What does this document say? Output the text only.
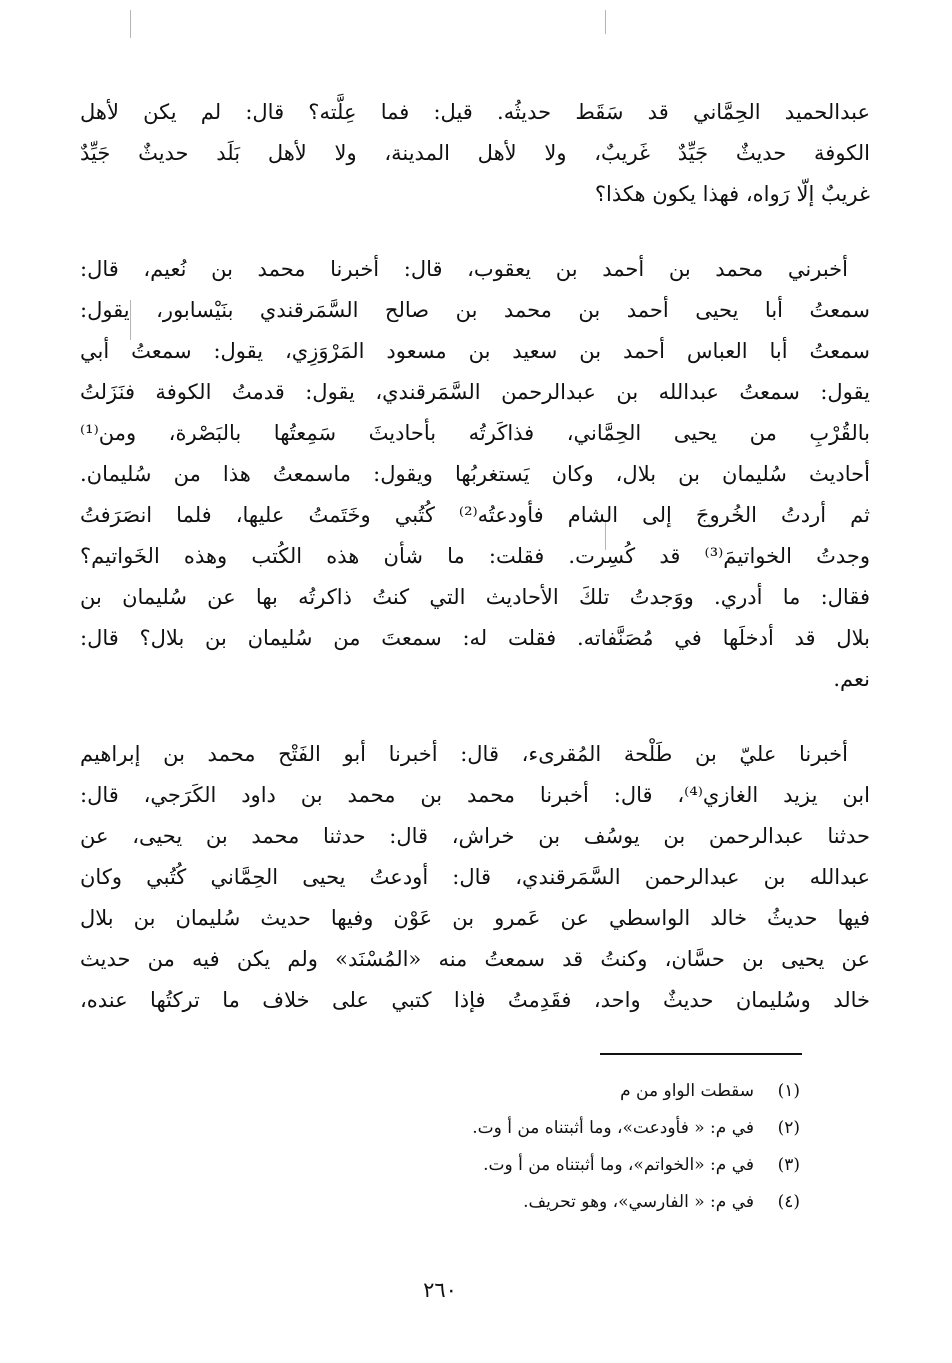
عبدالحميد الحِمَّاني قد سَقَط حديثُه. قيل: فما عِلَّته؟ قال: لم يكن لأهل
الكوفة حديثٌ جَيِّدٌ غَريبٌ، ولا لأهل المدينة، ولا لأهل بَلَد حديثٌ جَيِّدٌ
غريبٌ إلّا رَواه، فهذا يكون هكذا؟
أخبرني محمد بن أحمد بن يعقوب، قال: أخبرنا محمد بن نُعيم، قال:
سمعتُ أبا يحيى أحمد بن محمد بن صالح السَّمَرقندي بنَيْسابور، يقول:
سمعتُ أبا العباس أحمد بن سعيد بن مسعود المَرْوَزِي، يقول: سمعتُ أبي
يقول: سمعتُ عبدالله بن عبدالرحمن السَّمَرقندي، يقول: قدمتُ الكوفة فنَزَلتُ
بالقُرْبِ من يحيى الحِمَّاني، فذاكَرتُه بأحاديثَ سَمِعتُها بالبَصْرة، ومن⁽¹⁾
أحاديث سُليمان بن بلال، وكان يَستغربُها ويقول: ماسمعتُ هذا من سُليمان.
ثم أردتُ الخُروجَ إلى الشام فأودعتُه⁽²⁾ كُتُبي وخَتَمتُ عليها، فلما انصَرَفتُ
وجدتُ الخواتيمَ⁽³⁾ قد كُسِرت. فقلت: ما شأن هذه الكُتب وهذه الخَواتيم؟
فقال: ما أدري. ووَجدتُ تلكَ الأحاديث التي كنتُ ذاكرتُه بها عن سُليمان بن
بلال قد أدخلَها في مُصَنَّفاته. فقلت له: سمعتَ من سُليمان بن بلال؟ قال:
نعم.
أخبرنا عليّ بن طَلْحة المُقرىء، قال: أخبرنا أبو الفَتْح محمد بن إبراهيم
ابن يزيد الغازي⁽⁴⁾، قال: أخبرنا محمد بن محمد بن داود الكَرَجي، قال:
حدثنا عبدالرحمن بن يوسُف بن خراش، قال: حدثنا محمد بن يحيى، عن
عبدالله بن عبدالرحمن السَّمَرقندي، قال: أودعتُ يحيى الحِمَّاني كُتُبي وكان
فيها حديثُ خالد الواسطي عن عَمرو بن عَوْن وفيها حديث سُليمان بن بلال
عن يحيى بن حسَّان، وكنتُ قد سمعتُ منه «المُسْنَد» ولم يكن فيه من حديث
خالد وسُليمان حديثٌ واحد، فقَدِمتُ فإذا كتبي على خلاف ما تركتُها عنده،
(١)
سقطت الواو من م
(٢)
في م: « فأودعت»، وما أثبتناه من أ وت.
(٣)
في م: «الخواتم»، وما أثبتناه من أ وت.
(٤)
في م: « الفارسي»، وهو تحريف.
٢٦٠
